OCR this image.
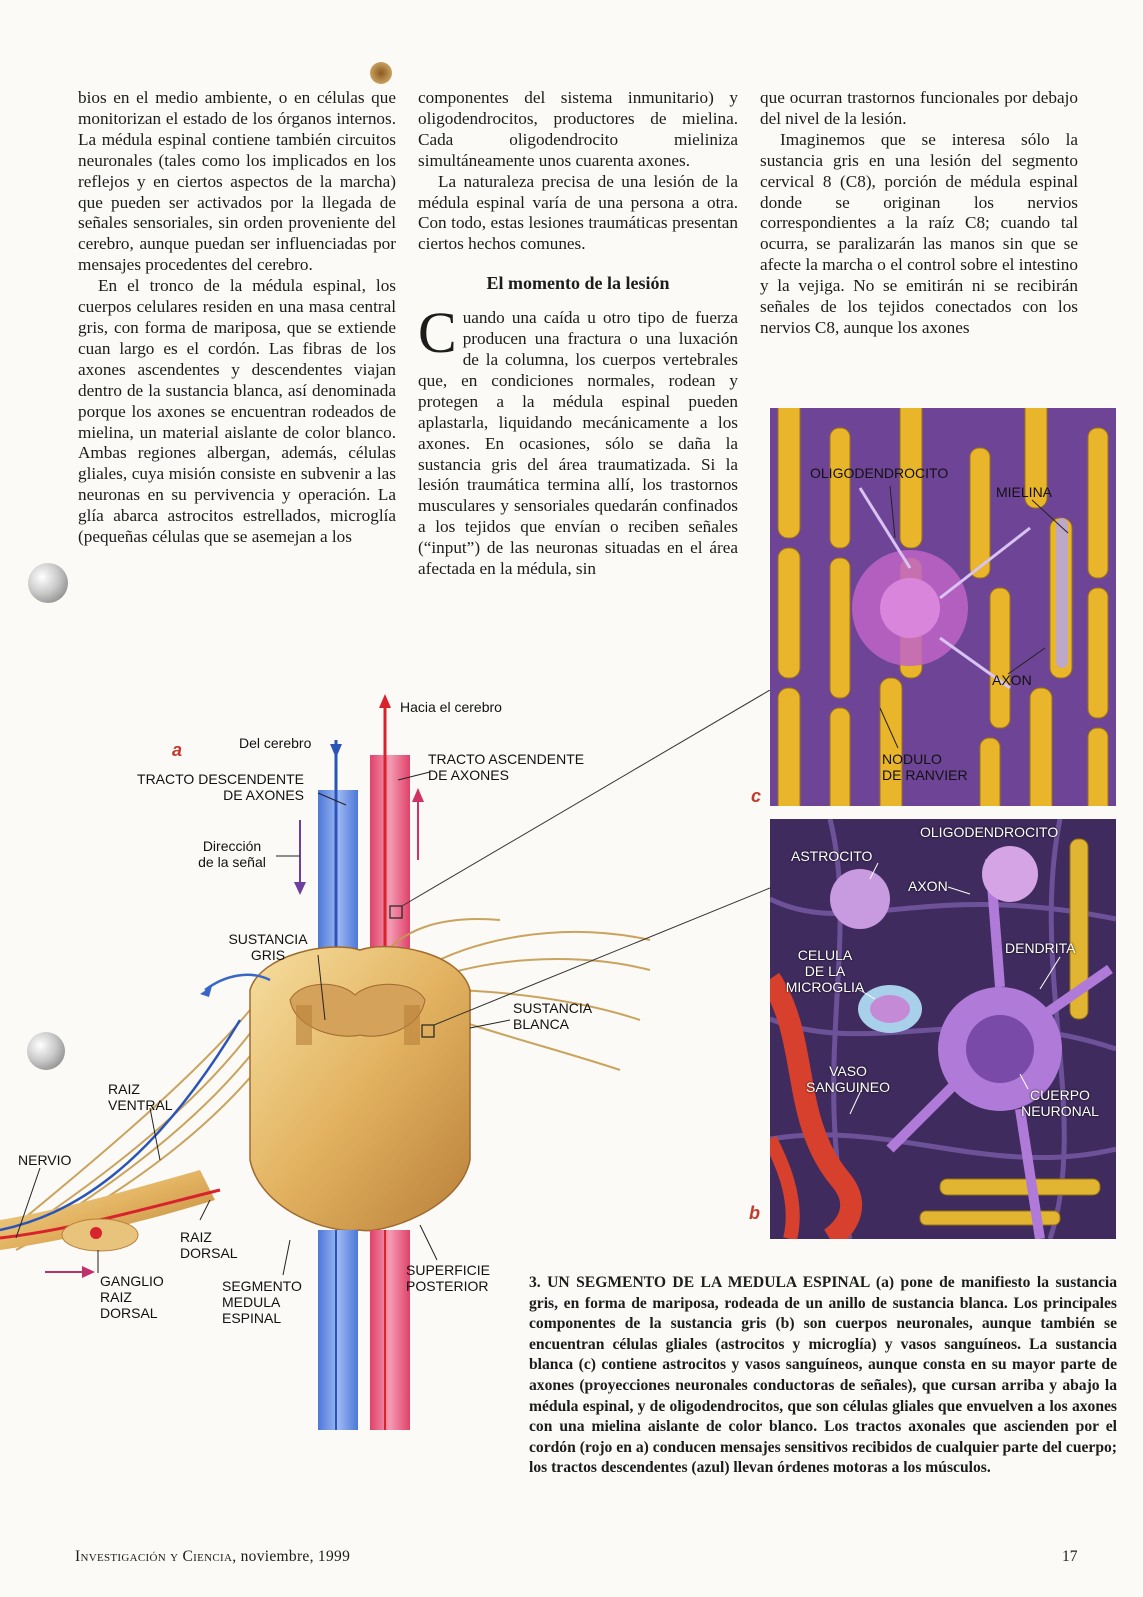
bios en el medio ambiente, o en células que monitorizan el estado de los órganos internos. La médula espinal contiene también circuitos neuronales (tales como los implicados en los reflejos y en ciertos aspectos de la marcha) que pueden ser activados por la llegada de señales sensoriales, sin orden proveniente del cerebro, aunque puedan ser influenciadas por mensajes procedentes del cerebro.

En el tronco de la médula espinal, los cuerpos celulares residen en una masa central gris, con forma de mariposa, que se extiende cuan largo es el cordón. Las fibras de los axones ascendentes y descendentes viajan dentro de la sustancia blanca, así denominada porque los axones se encuentran rodeados de mielina, un material aislante de color blanco. Ambas regiones albergan, además, células gliales, cuya misión consiste en subvenir a las neuronas en su pervivencia y operación. La glía abarca astrocitos estrellados, microglía (pequeñas células que se asemejan a los

componentes del sistema inmunitario) y oligodendrocitos, productores de mielina. Cada oligodendrocito mieliniza simultáneamente unos cuarenta axones.

La naturaleza precisa de una lesión de la médula espinal varía de una persona a otra. Con todo, estas lesiones traumáticas presentan ciertos hechos comunes.

El momento de la lesión

Cuando una caída u otro tipo de fuerza producen una fractura o una luxación de la columna, los cuerpos vertebrales que, en condiciones normales, rodean y protegen a la médula espinal pueden aplastarla, liquidando mecánicamente a los axones. En ocasiones, sólo se daña la sustancia gris del área traumatizada. Si la lesión traumática termina allí, los trastornos musculares y sensoriales quedarán confinados a los tejidos que envían o reciben señales (“input”) de las neuronas situadas en el área afectada en la médula, sin

que ocurran trastornos funcionales por debajo del nivel de la lesión.

Imaginemos que se interesa sólo la sustancia gris en una lesión del segmento cervical 8 (C8), porción de médula espinal donde se originan los nervios correspondientes a la raíz C8; cuando tal ocurra, se paralizarán las manos sin que se afecte la marcha o el control sobre el intestino y la vejiga. No se emitirán ni se recibirán señales de los tejidos conectados con los nervios C8, aunque los axones

Hacia el cerebro
a	Del cerebro
TRACTO DESCENDENTE
DE AXONES
TRACTO ASCENDENTE
DE AXONES
Dirección
de la señal
SUSTANCIA
GRIS
SUSTANCIA
BLANCA
RAIZ
VENTRAL
NERVIO
RAIZ
DORSAL
GANGLIO
RAIZ
DORSAL
SEGMENTO
MEDULA
ESPINAL
SUPERFICIE
POSTERIOR
OLIGODENDROCITO
MIELINA
AXON
NODULO
DE RANVIER
c
OLIGODENDROCITO
ASTROCITO
AXON
DENDRITA
CELULA
DE LA
MICROGLIA
VASO
SANGUINEO	CUERPO
NEURONAL
b
3. UN SEGMENTO DE LA MEDULA ESPINAL (a) pone de manifiesto la sustancia gris, en forma de mariposa, rodeada de un anillo de sustancia blanca. Los principales componentes de la sustancia gris (b) son cuerpos neuronales, aunque también se encuentran células gliales (astrocitos y microglía) y vasos sanguíneos. La sustancia blanca (c) contiene astrocitos y vasos sanguíneos, aunque consta en su mayor parte de axones (proyecciones neuronales conductoras de señales), que cursan arriba y abajo la médula espinal, y de oligodendrocitos, que son células gliales que envuelven a los axones con una mielina aislante de color blanco. Los tractos axonales que ascienden por el cordón (rojo en a) conducen mensajes sensitivos recibidos de cualquier parte del cuerpo; los tractos descendentes (azul) llevan órdenes motoras a los músculos.
Investigación y Ciencia, noviembre, 1999	17
